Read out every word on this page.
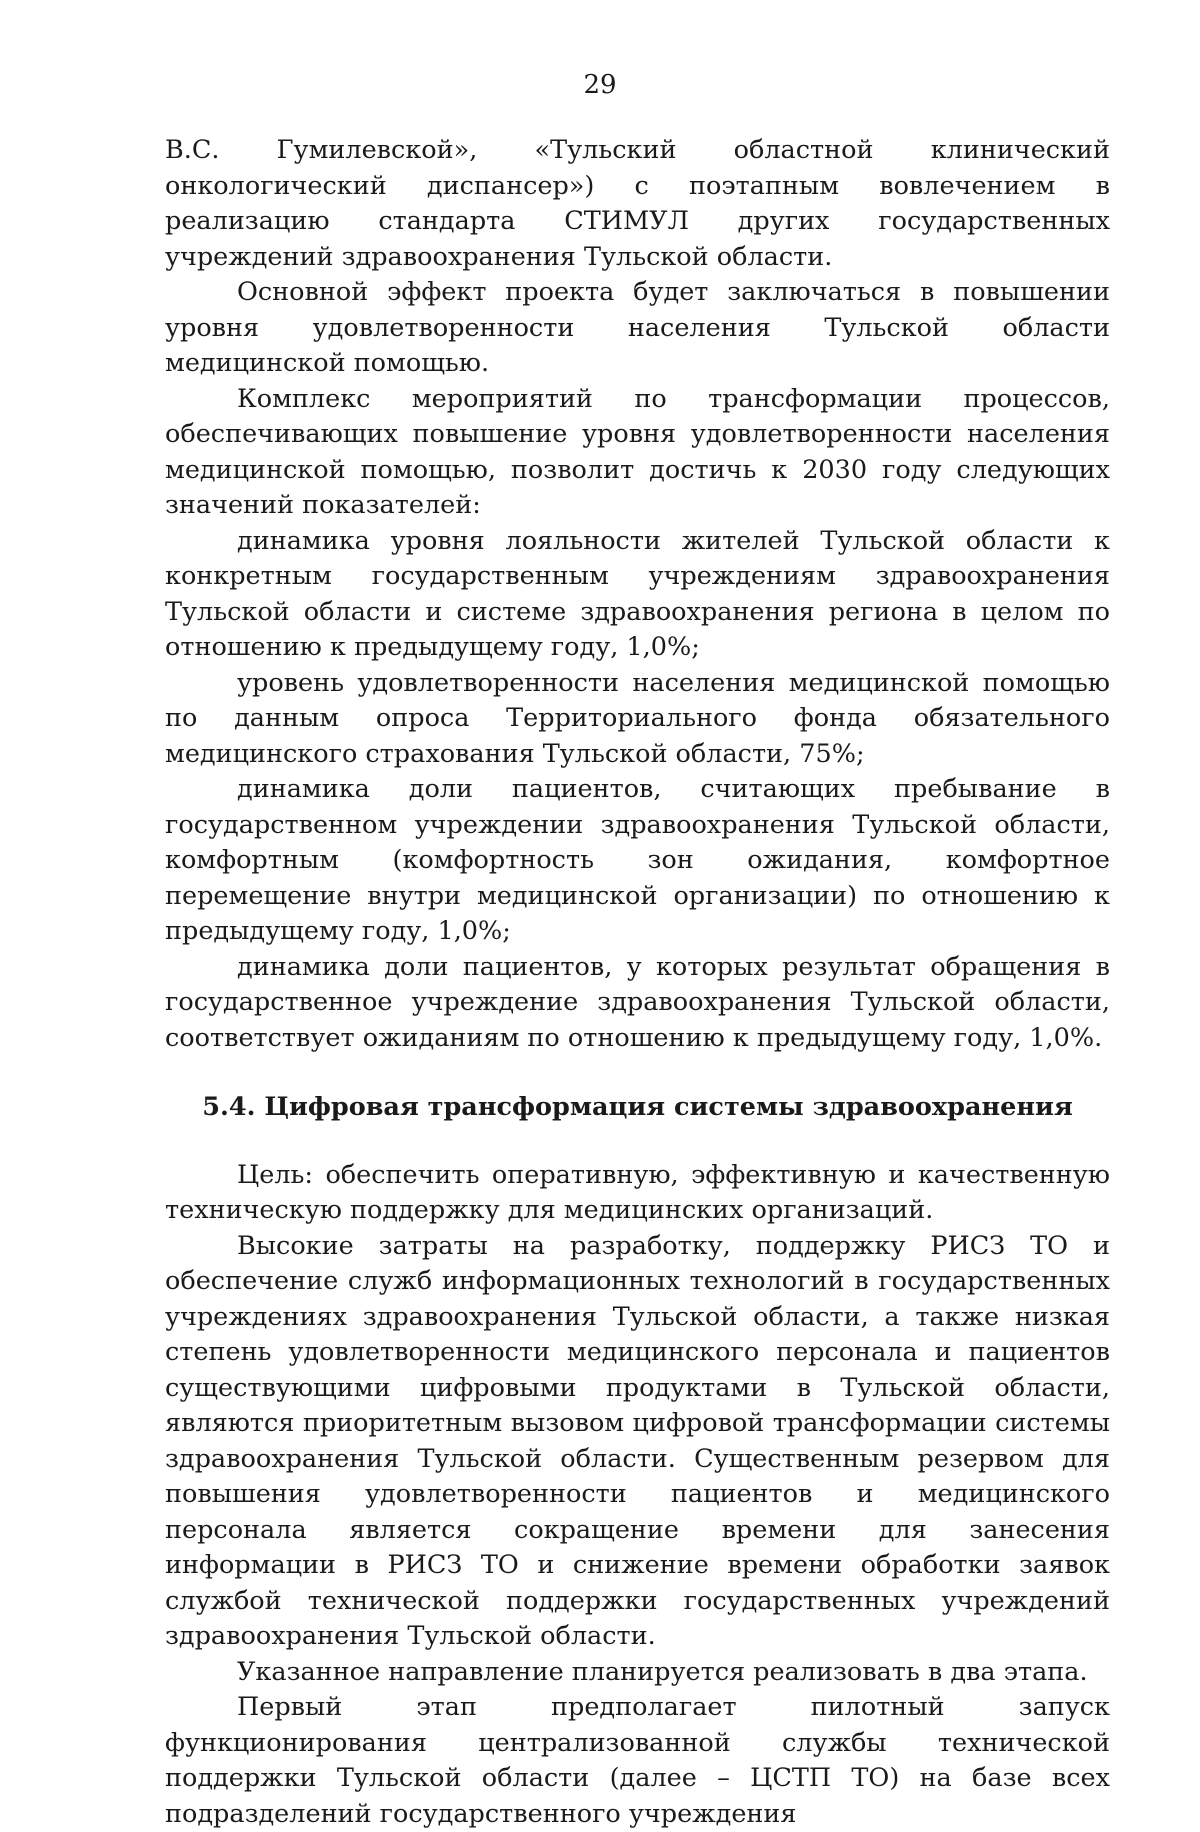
29

В.С. Гумилевской», «Тульский областной клинический онкологический диспансер») с поэтапным вовлечением в реализацию стандарта СТИМУЛ других государственных учреждений здравоохранения Тульской области.

Основной эффект проекта будет заключаться в повышении уровня удовлетворенности населения Тульской области медицинской помощью.

Комплекс мероприятий по трансформации процессов, обеспечивающих повышение уровня удовлетворенности населения медицинской помощью, позволит достичь к 2030 году следующих значений показателей:

динамика уровня лояльности жителей Тульской области к конкретным государственным учреждениям здравоохранения Тульской области и системе здравоохранения региона в целом по отношению к предыдущему году, 1,0%;

уровень удовлетворенности населения медицинской помощью по данным опроса Территориального фонда обязательного медицинского страхования Тульской области, 75%;

динамика доли пациентов, считающих пребывание в государственном учреждении здравоохранения Тульской области, комфортным (комфортность зон ожидания, комфортное перемещение внутри медицинской организации) по отношению к предыдущему году, 1,0%;

динамика доли пациентов, у которых результат обращения в государственное учреждение здравоохранения Тульской области, соответствует ожиданиям по отношению к предыдущему году, 1,0%.

5.4. Цифровая трансформация системы здравоохранения

Цель: обеспечить оперативную, эффективную и качественную техническую поддержку для медицинских организаций.

Высокие затраты на разработку, поддержку РИСЗ ТО и обеспечение служб информационных технологий в государственных учреждениях здравоохранения Тульской области, а также низкая степень удовлетворенности медицинского персонала и пациентов существующими цифровыми продуктами в Тульской области, являются приоритетным вызовом цифровой трансформации системы здравоохранения Тульской области. Существенным резервом для повышения удовлетворенности пациентов и медицинского персонала является сокращение времени для занесения информации в РИСЗ ТО и снижение времени обработки заявок службой технической поддержки государственных учреждений здравоохранения Тульской области.

Указанное направление планируется реализовать в два этапа.

Первый этап предполагает пилотный запуск функционирования централизованной службы технической поддержки Тульской области (далее – ЦСТП ТО) на базе всех подразделений государственного учреждения
